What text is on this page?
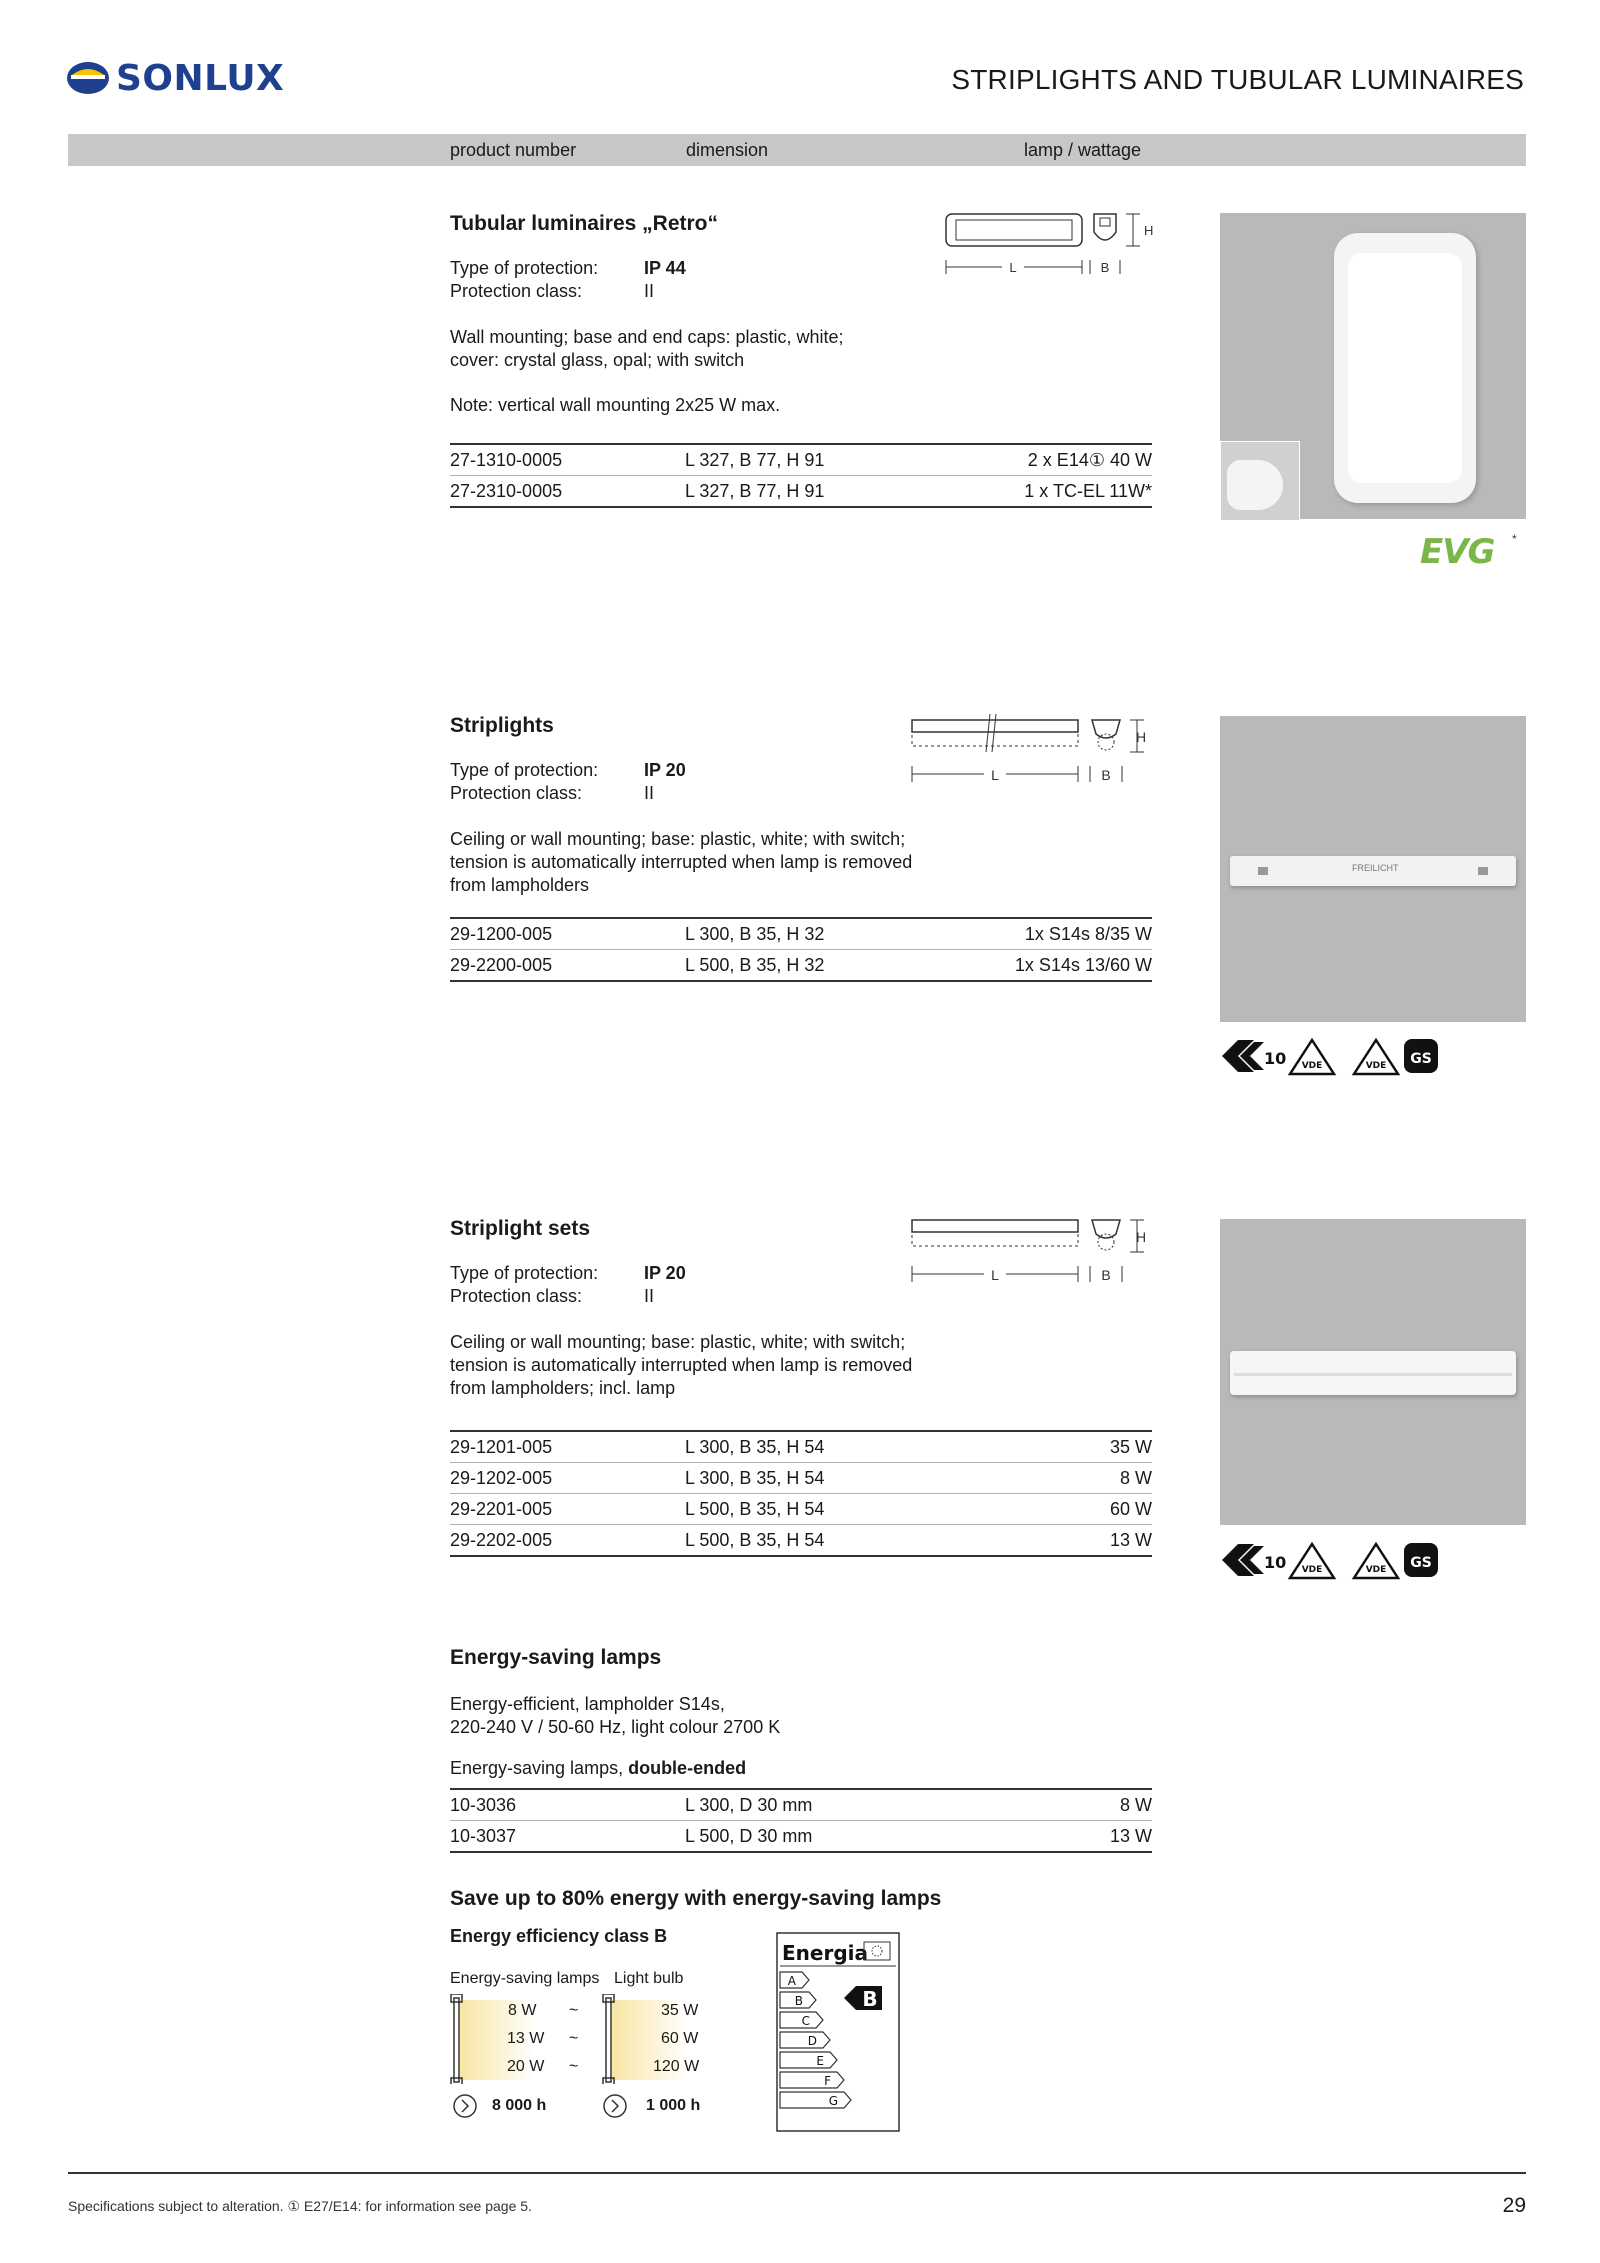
SONLUX	STRIPLIGHTS AND TUBULAR LUMINAIRES
product number	dimension	lamp / wattage
Tubular luminaires „Retro“
Type of protection:	IP 44
Protection class:	II
Wall mounting; base and end caps: plastic, white;
cover: crystal glass, opal; with switch
Note: vertical wall mounting 2x25 W max.
L	B
H
27-1310-0005	L 327, B 77, H 91	2 x E14① 40 W
27-2310-0005	L 327, B 77, H 91	1 x TC-EL 11W*
EVG *
Striplights
Type of protection:	IP 20
Protection class:	II
Ceiling or wall mounting; base: plastic, white; with switch;
tension is automatically interrupted when lamp is removed
from lampholders
L	B
H
29-1200-005	L 300, B 35, H 32	1x S14s 8/35 W
29-2200-005	L 500, B 35, H 32	1x S14s 13/60 W
FREILICHT
10 VDE	VDE GS
Striplight sets
Type of protection:	IP 20
Protection class:	II
Ceiling or wall mounting; base: plastic, white; with switch;
tension is automatically interrupted when lamp is removed
from lampholders; incl. lamp
L	B
H
29-1201-005	L 300, B 35, H 54	35 W
29-1202-005	L 300, B 35, H 54	8 W
29-2201-005	L 500, B 35, H 54	60 W
29-2202-005	L 500, B 35, H 54	13 W
10 VDE	VDE GS
Energy-saving lamps
Energy-efficient, lampholder S14s,
220-240 V / 50-60 Hz, light colour 2700 K
Energy-saving lamps, double-ended
10-3036	L 300, D 30 mm	8 W
10-3037	L 500, D 30 mm	13 W
Save up to 80% energy with energy-saving lamps
Energy efficiency class B
Energy-saving lamps Light bulb
8 W ~	35 W
13 W ~	60 W
20 W ~	120 W
8 000 h	1 000 h
Energia
A
B
C
D
E
F
G
B
Specifications subject to alteration. ① E27/E14: for information see page 5.	29
